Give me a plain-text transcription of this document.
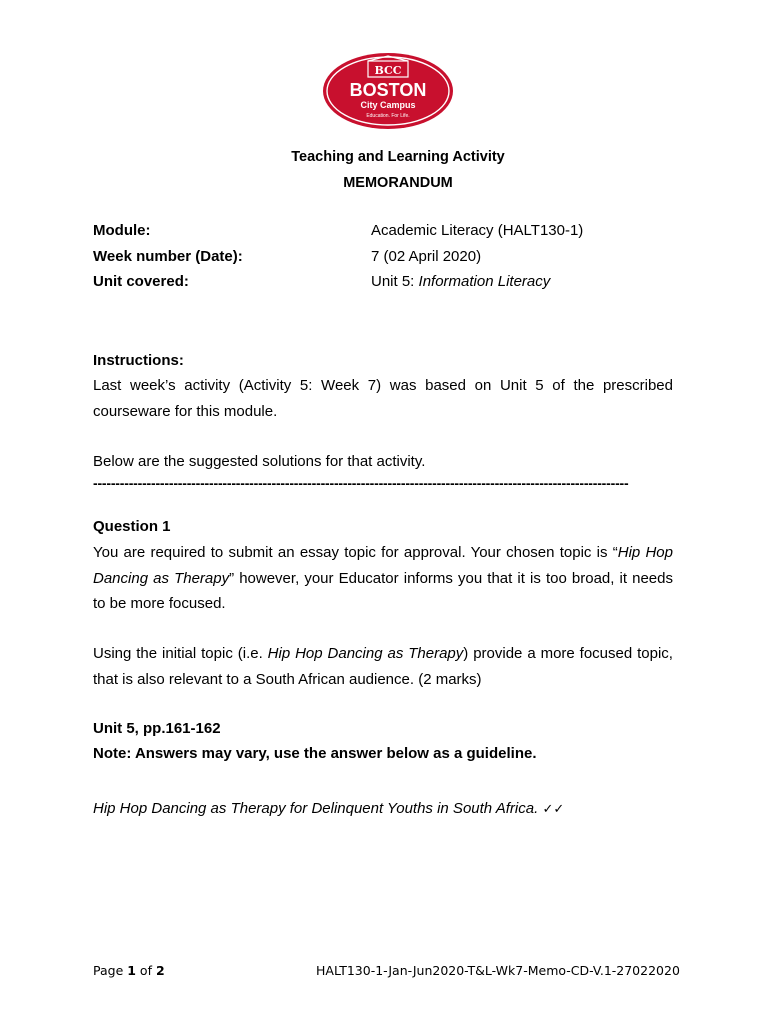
BCC
BOSTON
City Campus
Education. For Life.
Teaching and Learning Activity
MEMORANDUM
Module:	Academic Literacy (HALT130-1)
Week number (Date):	7 (02 April 2020)
Unit covered:	Unit 5: Information Literacy
Instructions:
Last week’s activity (Activity 5: Week 7) was based on Unit 5 of the prescribed courseware for this module.
Below are the suggested solutions for that activity.
------------------------------------------------------------------------------------------------------------------------
Question 1
You are required to submit an essay topic for approval. Your chosen topic is “Hip Hop Dancing as Therapy” however, your Educator informs you that it is too broad, it needs to be more focused.
Using the initial topic (i.e. Hip Hop Dancing as Therapy) provide a more focused topic, that is also relevant to a South African audience. (2 marks)
Unit 5, pp.161-162
Note: Answers may vary, use the answer below as a guideline.
Hip Hop Dancing as Therapy for Delinquent Youths in South Africa. ✓✓
Page 1 of 2	HALT130-1-Jan-Jun2020-T&L-Wk7-Memo-CD-V.1-27022020
